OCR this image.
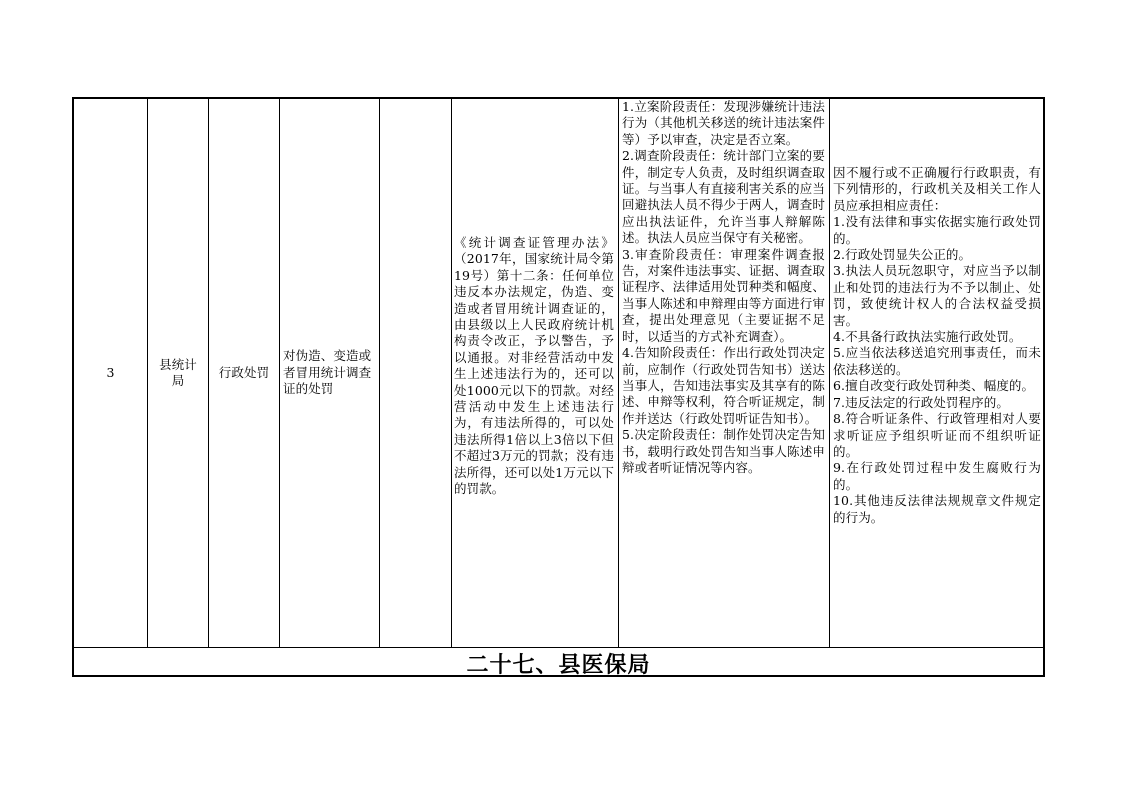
3
县统计局
行政处罚
对伪造、变造或者冒用统计调查证的处罚
《统计调查证管理办法》（2017年，国家统计局令第19号）第十二条：任何单位违反本办法规定，伪造、变造或者冒用统计调查证的，由县级以上人民政府统计机构责令改正，予以警告，予以通报。对非经营活动中发生上述违法行为的，还可以处1000元以下的罚款。对经营活动中发生上述违法行为，有违法所得的，可以处违法所得1倍以上3倍以下但不超过3万元的罚款；没有违法所得，还可以处1万元以下的罚款。

1.立案阶段责任：发现涉嫌统计违法行为（其他机关移送的统计违法案件等）予以审查，决定是否立案。

2.调查阶段责任：统计部门立案的要件，制定专人负责，及时组织调查取证。与当事人有直接利害关系的应当回避执法人员不得少于两人，调查时应出执法证件，允许当事人辩解陈述。执法人员应当保守有关秘密。

3.审查阶段责任：审理案件调查报告，对案件违法事实、证据、调查取证程序、法律适用处罚种类和幅度、当事人陈述和申辩理由等方面进行审查，提出处理意见（主要证据不足时，以适当的方式补充调查）。

4.告知阶段责任：作出行政处罚决定前，应制作（行政处罚告知书）送达当事人，告知违法事实及其享有的陈述、申辩等权利，符合听证规定，制作并送达（行政处罚听证告知书）。

5.决定阶段责任：制作处罚决定告知书，载明行政处罚告知当事人陈述申辩或者听证情况等内容。

因不履行或不正确履行行政职责，有下列情形的，行政机关及相关工作人员应承担相应责任：

1.没有法律和事实依据实施行政处罚的。

2.行政处罚显失公正的。

3.执法人员玩忽职守，对应当予以制止和处罚的违法行为不予以制止、处罚，致使统计权人的合法权益受损害。

4.不具备行政执法实施行政处罚。

5.应当依法移送追究刑事责任，而未依法移送的。

6.擅自改变行政处罚种类、幅度的。

7.违反法定的行政处罚程序的。

8.符合听证条件、行政管理相对人要求听证应予组织听证而不组织听证的。

9.在行政处罚过程中发生腐败行为的。

10.其他违反法律法规规章文件规定的行为。

二十七、县医保局
